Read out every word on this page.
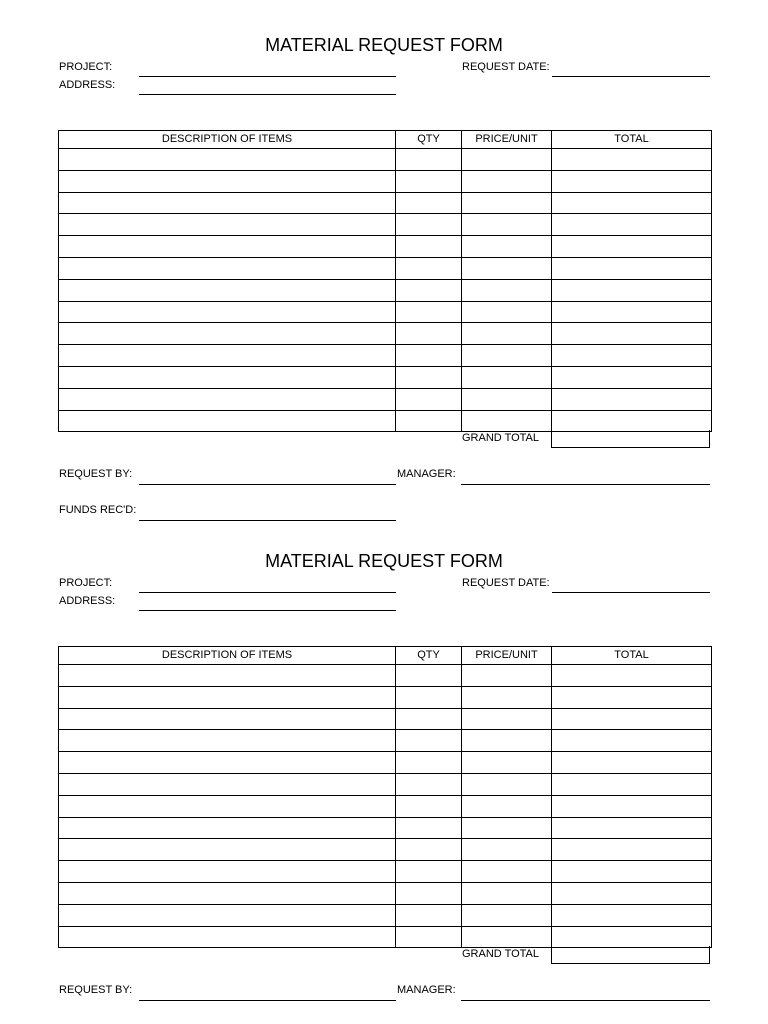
MATERIAL REQUEST FORM
PROJECT:	REQUEST DATE:
ADDRESS:
DESCRIPTION OF ITEMS	QTY	PRICE/UNIT	TOTAL

GRAND TOTAL
REQUEST BY:	MANAGER:
FUNDS REC'D:
MATERIAL REQUEST FORM
PROJECT:	REQUEST DATE:
ADDRESS:
DESCRIPTION OF ITEMS	QTY	PRICE/UNIT	TOTAL

GRAND TOTAL
REQUEST BY:	MANAGER:
